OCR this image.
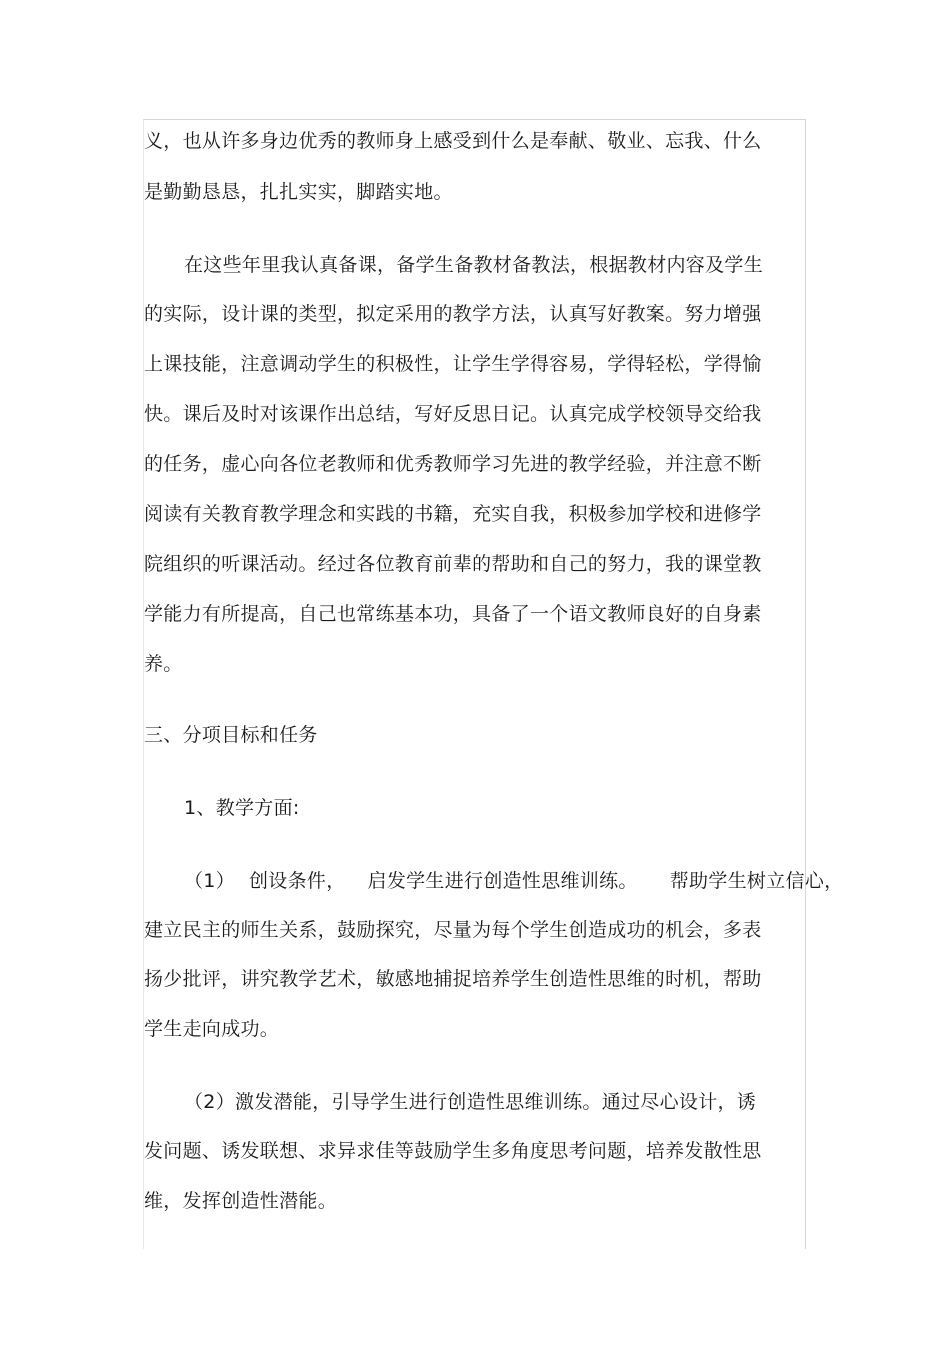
义，也从许多身边优秀的教师身上感受到什么是奉献、敬业、忘我、什么
是勤勤恳恳，扎扎实实，脚踏实地。
在这些年里我认真备课，备学生备教材备教法，根据教材内容及学生
的实际，设计课的类型，拟定采用的教学方法，认真写好教案。努力增强
上课技能，注意调动学生的积极性，让学生学得容易，学得轻松，学得愉
快。课后及时对该课作出总结，写好反思日记。认真完成学校领导交给我
的任务，虚心向各位老教师和优秀教师学习先进的教学经验，并注意不断
阅读有关教育教学理念和实践的书籍，充实自我，积极参加学校和进修学
院组织的听课活动。经过各位教育前辈的帮助和自己的努力，我的课堂教
学能力有所提高，自己也常练基本功，具备了一个语文教师良好的自身素
养。
三、分项目标和任务
1、教学方面:
（1） 创设条件， 启发学生进行创造性思维训练。 帮助学生树立信心，
建立民主的师生关系，鼓励探究，尽量为每个学生创造成功的机会，多表
扬少批评，讲究教学艺术，敏感地捕捉培养学生创造性思维的时机，帮助
学生走向成功。
（2）激发潜能，引导学生进行创造性思维训练。通过尽心设计，诱
发问题、诱发联想、求异求佳等鼓励学生多角度思考问题，培养发散性思
维，发挥创造性潜能。
